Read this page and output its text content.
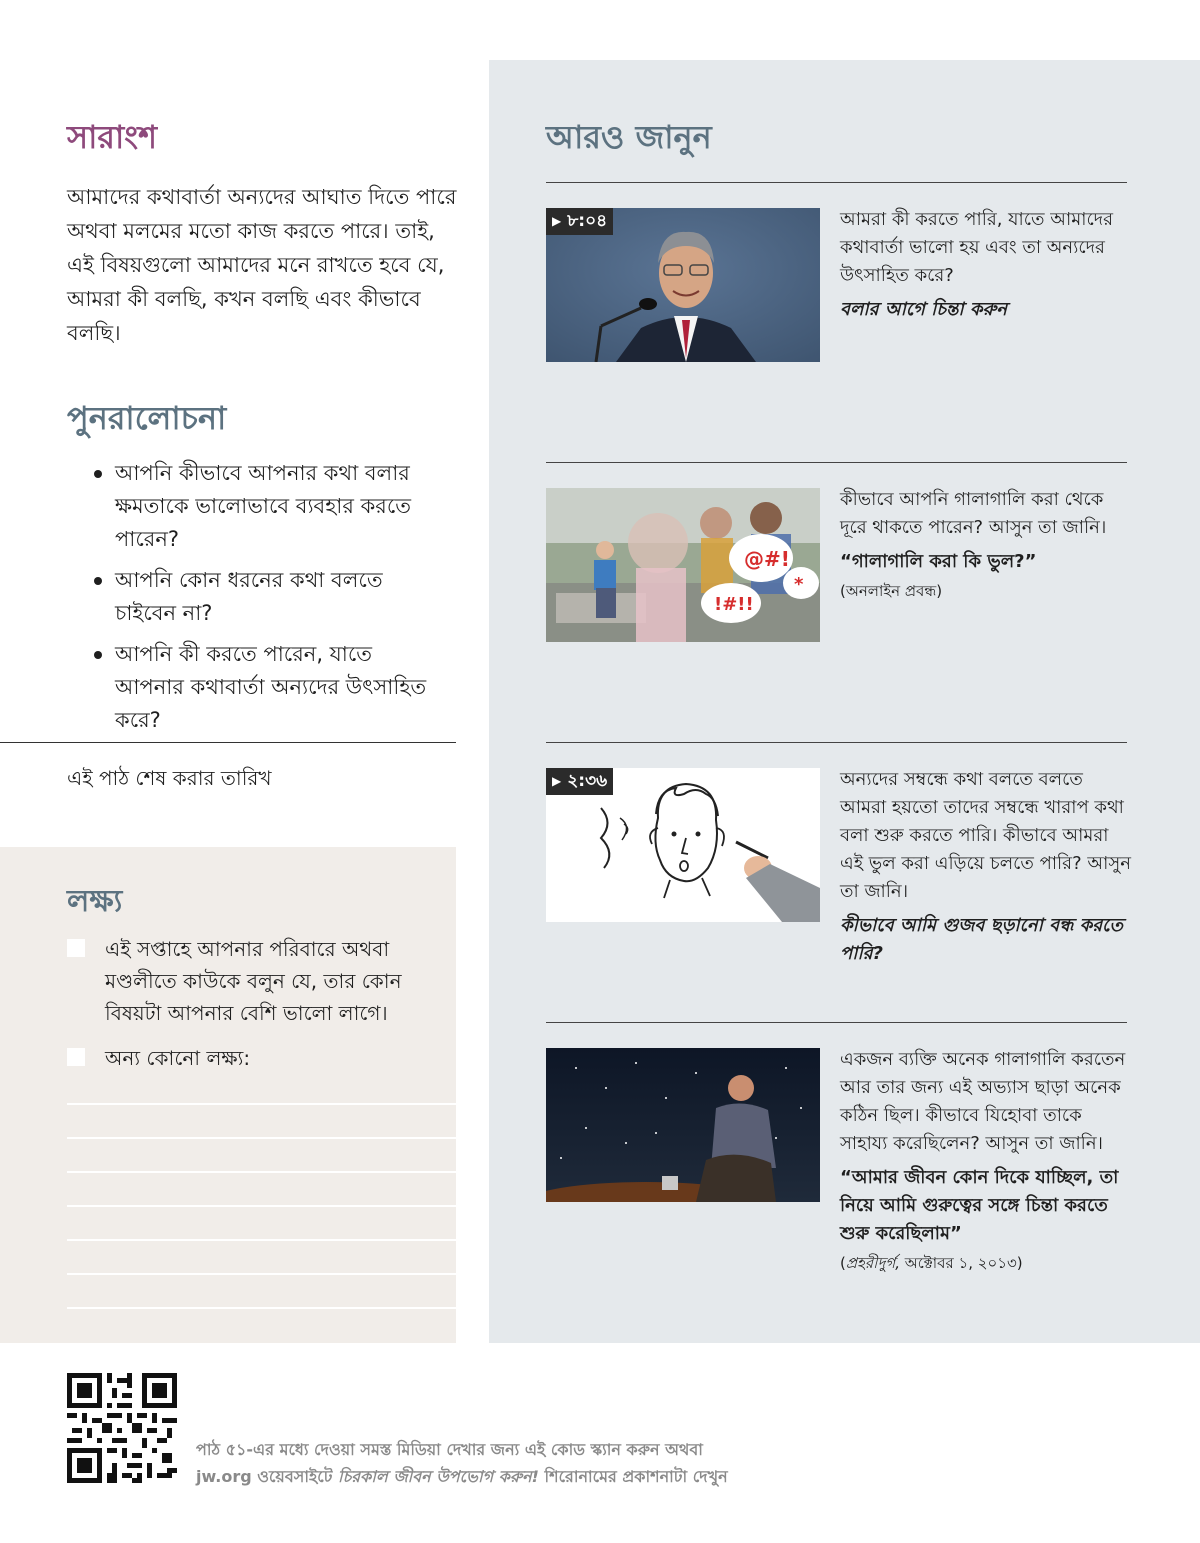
সারাংশ

আমাদের কথাবার্তা অন্যদের আঘাত দিতে পারে অথবা মলমের মতো কাজ করতে পারে। তাই, এই বিষয়গুলো আমাদের মনে রাখতে হবে যে, আমরা কী বলছি, কখন বলছি এবং কীভাবে বলছি।

পুনরালোচনা
আপনি কীভাবে আপনার কথা বলার ক্ষমতাকে ভালোভাবে ব্যবহার করতে পারেন?
আপনি কোন ধরনের কথা বলতে চাইবেন না?
আপনি কী করতে পারেন, যাতে আপনার কথাবার্তা অন্যদের উৎসাহিত করে?
এই পাঠ শেষ করার তারিখ
লক্ষ্য
এই সপ্তাহে আপনার পরিবারে অথবা মণ্ডলীতে কাউকে বলুন যে, তার কোন বিষয়টা আপনার বেশি ভালো লাগে।
অন্য কোনো লক্ষ্য:
আরও জানুন
▶ ৮:০৪	আমরা কী করতে পারি, যাতে আমাদের কথাবার্তা ভালো হয় এবং তা অন্যদের উৎসাহিত করে?

বলার আগে চিন্তা করুন

@#!
!#!!
*

কীভাবে আপনি গালাগালি করা থেকে দূরে থাকতে পারেন? আসুন তা জানি।

“গালাগালি করা কি ভুল?”

(অনলাইন প্রবন্ধ)

▶ ২:৩৬	অন্যদের সম্বন্ধে কথা বলতে বলতে আমরা হয়তো তাদের সম্বন্ধে খারাপ কথা বলা শুরু করতে পারি। কীভাবে আমরা এই ভুল করা এড়িয়ে চলতে পারি? আসুন তা জানি।

কীভাবে আমি গুজব ছড়ানো বন্ধ করতে পারি?

একজন ব্যক্তি অনেক গালাগালি করতেন আর তার জন্য এই অভ্যাস ছাড়া অনেক কঠিন ছিল। কীভাবে যিহোবা তাকে সাহায্য করেছিলেন? আসুন তা জানি।

“আমার জীবন কোন দিকে যাচ্ছিল, তা নিয়ে আমি গুরুত্বের সঙ্গে চিন্তা করতে শুরু করেছিলাম”

(প্রহরীদুর্গ, অক্টোবর ১, ২০১৩)

পাঠ ৫১-এর মধ্যে দেওয়া সমস্ত মিডিয়া দেখার জন্য এই কোড স্ক্যান করুন অথবা
jw.org ওয়েবসাইটে চিরকাল জীবন উপভোগ করুন! শিরোনামের প্রকাশনাটা দেখুন
